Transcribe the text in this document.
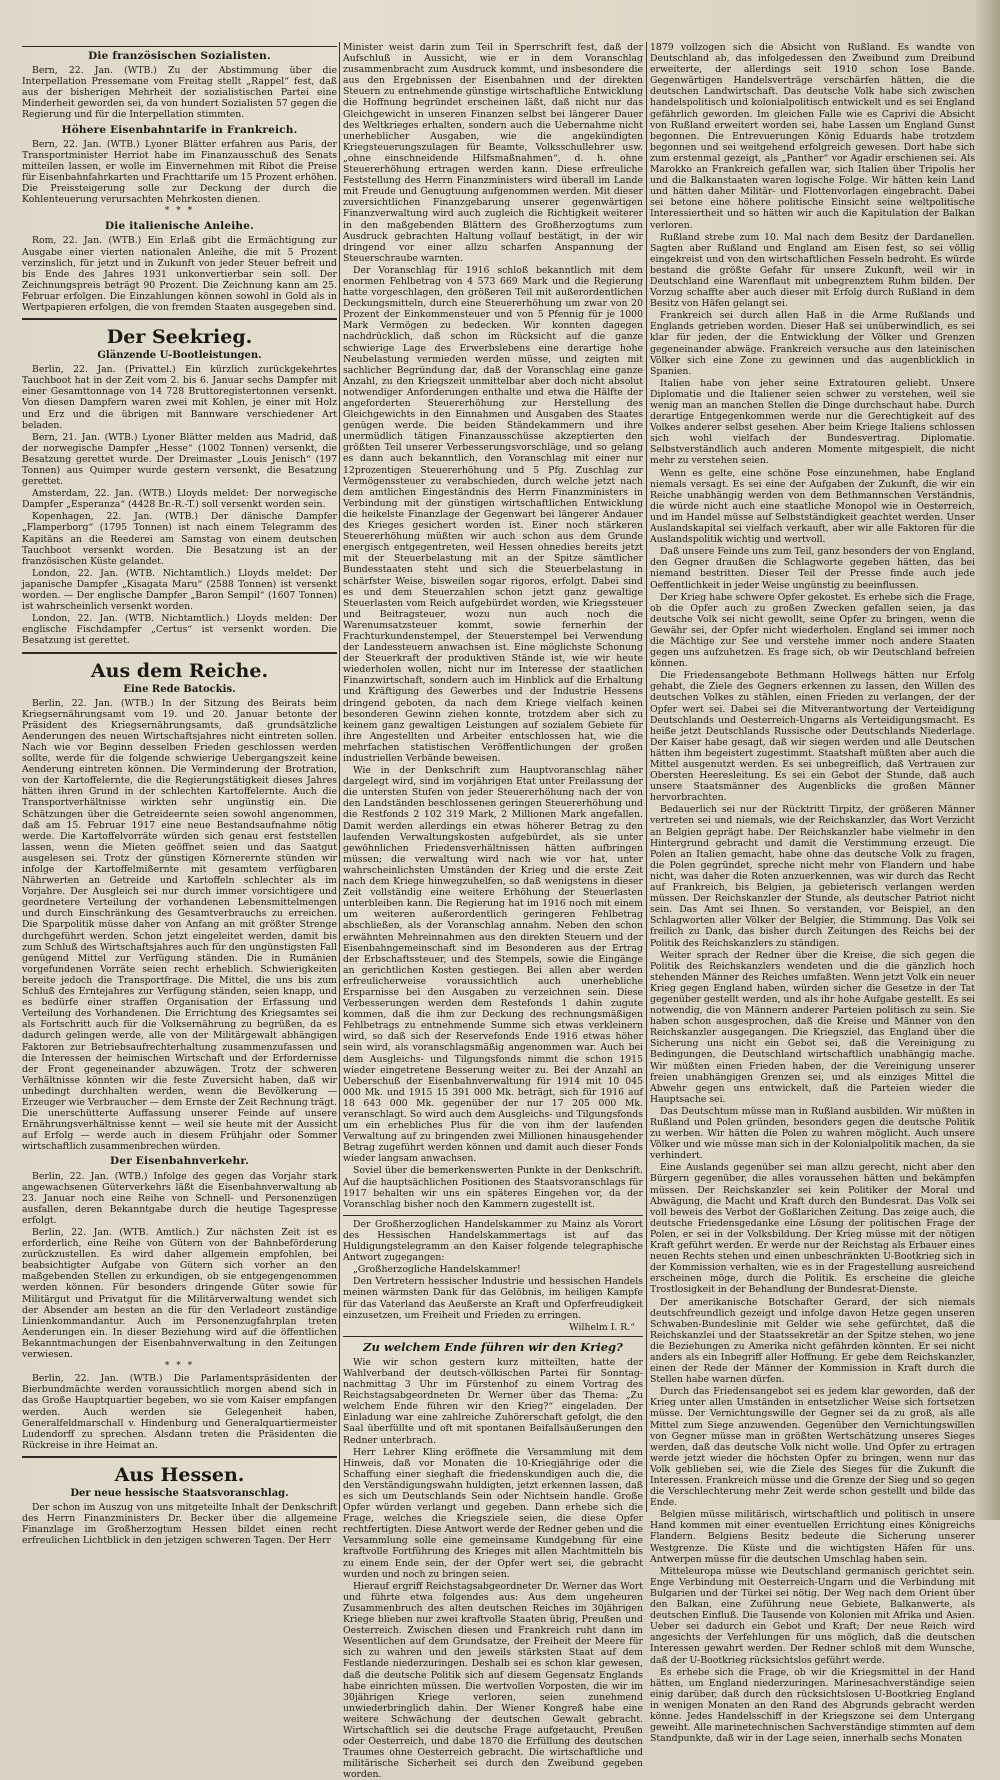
Die französischen Sozialisten.

Bern, 22. Jan. (WTB.) Zu der Abstimmung über die Interpellation Pressemane vom Freitag stellt „Rappel“ fest, daß aus der bisherigen Mehrheit der sozialistischen Partei eine Minderheit geworden sei, da von hundert Sozialisten 57 gegen die Regierung und für die Interpellation stimmten.

Höhere Eisenbahntarife in Frankreich.

Bern, 22. Jan. (WTB.) Lyoner Blätter erfahren aus Paris, der Transportminister Herriot habe im Finanzausschuß des Senats mitteilen lassen, er wolle im Einvernehmen mit Ribot die Preise für Eisenbahnfahrkarten und Frachttarife um 15 Prozent erhöhen. Die Preissteigerung solle zur Deckung der durch die Kohlenteuerung verursachten Mehrkosten dienen.

* * *
Die italienische Anleihe.

Rom, 22. Jan. (WTB.) Ein Erlaß gibt die Ermächtigung zur Ausgabe einer vierten nationalen Anleihe, die mit 5 Prozent verzinslich, für jetzt und in Zukunft von jeder Steuer befreit und bis Ende des Jahres 1931 unkonvertierbar sein soll. Der Zeichnungspreis beträgt 90 Prozent. Die Zeichnung kann am 25. Februar erfolgen. Die Einzahlungen können sowohl in Gold als in Wertpapieren erfolgen, die von fremden Staaten ausgegeben sind.

Der Seekrieg.
Glänzende U-Bootleistungen.

Berlin, 22. Jan. (Privattel.) Ein kürzlich zurückgekehrtes Tauchboot hat in der Zeit vom 2. bis 6. Januar sechs Dampfer mit einer Gesamttonnage von 14 728 Bruttoregistertonnen versenkt. Von diesen Dampfern waren zwei mit Kohlen, je einer mit Holz und Erz und die übrigen mit Bannware verschiedener Art beladen.

Bern, 21. Jan. (WTB.) Lyoner Blätter melden aus Madrid, daß der norwegische Dampfer „Hesse“ (1002 Tonnen) versenkt, die Besatzung gerettet wurde. Der Dreimaster „Louis Jenisch“ (197 Tonnen) aus Quimper wurde gestern versenkt, die Besatzung gerettet.

Amsterdam, 22. Jan. (WTB.) Lloyds meldet: Der norwegische Dampfer „Esperanza“ (4428 Br.-R.-T.) soll versenkt worden sein.

Kopenhagen, 22. Jan. (WTB.) Der dänische Dampfer „Flamperborg“ (1795 Tonnen) ist nach einem Telegramm des Kapitäns an die Reederei am Samstag von einem deutschen Tauchboot versenkt worden. Die Besatzung ist an der französischen Küste gelandet.

London, 22. Jan. (WTB. Nichtamtlich.) Lloyds meldet: Der japanische Dampfer „Kisagata Maru“ (2588 Tonnen) ist versenkt worden. — Der englische Dampfer „Baron Sempil“ (1607 Tonnen) ist wahrscheinlich versenkt worden.

London, 22. Jan. (WTB. Nichtamtlich.) Lloyds melden: Der englische Fischdampfer „Certus“ ist versenkt worden. Die Besatzung ist gerettet.

Aus dem Reiche.
Eine Rede Batockis.

Berlin, 22. Jan. (WTB.) In der Sitzung des Beirats beim Kriegsernährungsamt vom 19. und 20. Januar betonte der Präsident des Kriegsernährungsamts, daß grundsätzliche Aenderungen des neuen Wirtschaftsjahres nicht eintreten sollen. Nach wie vor Beginn desselben Frieden geschlossen werden sollte, werde für die folgende schwierige Uebergangszeit keine Aenderung eintreten können. Die Verminderung der Brotration, von der Kartoffelernte, die die Regierungstätigkeit dieses Jahres hätten ihren Grund in der schlechten Kartoffelernte. Auch die Transportverhältnisse wirkten sehr ungünstig ein. Die Schätzungen über die Getreideernte seien sowohl angenommen, daß am 15. Februar 1917 eine neue Bestandsaufnahme nötig werde. Die Kartoffelvorräte würden sich genau erst feststellen lassen, wenn die Mieten geöffnet seien und das Saatgut ausgelesen sei. Trotz der günstigen Körnerernte stünden wir infolge der Kartoffelmißernte mit gesamtem verfügbaren Nährwerten an Getreide und Kartoffeln schlechter als im Vorjahre. Der Ausgleich sei nur durch immer vorsichtigere und geordnetere Verteilung der vorhandenen Lebensmittelmengen und durch Einschränkung des Gesamtverbrauchs zu erreichen. Die Sparpolitik müsse daher von Anfang an mit größter Strenge durchgeführt werden. Schon jetzt eingeleitet werden, damit bis zum Schluß des Wirtschaftsjahres auch für den ungünstigsten Fall genügend Mittel zur Verfügung ständen. Die in Rumänien vorgefundenen Vorräte seien recht erheblich. Schwierigkeiten bereite jedoch die Transportfrage. Die Mittel, die uns bis zum Schluß des Erntejahres zur Verfügung ständen, seien knapp, und es bedürfe einer straffen Organisation der Erfassung und Verteilung des Vorhandenen. Die Errichtung des Kriegsamtes sei als Fortschritt auch für die Volksernährung zu begrüßen, da es dadurch gelingen werde, alle von der Militärgewalt abhängigen Faktoren zur Betriebsaufrechterhaltung zusammenzufassen und die Interessen der heimischen Wirtschaft und der Erfordernisse der Front gegeneinander abzuwägen. Trotz der schweren Verhältnisse könnten wir die feste Zuversicht haben, daß wir unbedingt durchhalten werden, wenn die Bevölkerung — Erzeuger wie Verbraucher — dem Ernste der Zeit Rechnung trägt. Die unerschütterte Auffassung unserer Feinde auf unsere Ernährungsverhältnisse kennt — weil sie heute mit der Aussicht auf Erfolg — werde auch in diesem Frühjahr oder Sommer wirtschaftlich zusammenbrechen würden.

Der Eisenbahnverkehr.

Berlin, 22. Jan. (WTB.) Infolge des gegen das Vorjahr stark angewachsenen Güterverkehrs läßt die Eisenbahnverwaltung ab 23. Januar noch eine Reihe von Schnell- und Personenzügen ausfallen, deren Bekanntgabe durch die heutige Tagespresse erfolgt.

Berlin, 22. Jan. (WTB. Amtlich.) Zur nächsten Zeit ist es erforderlich, eine Reihe von Gütern von der Bahnbeförderung zurückzustellen. Es wird daher allgemein empfohlen, bei beabsichtigter Aufgabe von Gütern sich vorher an den maßgebenden Stellen zu erkundigen, ob sie entgegengenommen werden können. Für besonders dringende Güter sowie für Militärgut und Privatgut für die Militärverwaltung wendet sich der Absender am besten an die für den Verladeort zuständige Linienkommandantur. Auch im Personenzugfahrplan treten Aenderungen ein. In dieser Beziehung wird auf die öffentlichen Bekanntmachungen der Eisenbahnverwaltung in den Zeitungen verwiesen.

* * *

Berlin, 22. Jan. (WTB.) Die Parlamentspräsidenten der Bierbundmächte werden voraussichtlich morgen abend sich in das Große Hauptquartier begeben, wo sie vom Kaiser empfangen werden. Auch werden sie Gelegenheit haben, Generalfeldmarschall v. Hindenburg und Generalquartiermeister Ludendorff zu sprechen. Alsdann treten die Präsidenten die Rückreise in ihre Heimat an.

Aus Hessen.
Der neue hessische Staatsvoranschlag.

Der schon im Auszug von uns mitgeteilte Inhalt der Denkschrift des Herrn Finanzministers Dr. Becker über die allgemeine Finanzlage im Großherzogtum Hessen bildet einen recht erfreulichen Lichtblick in den jetzigen schweren Tagen. Der Herr

Minister weist darin zum Teil in Sperrschrift fest, daß der Aufschluß in Aussicht, wie er in dem Voranschlag zusammenbracht zum Ausdruck kommt, und insbesondere die aus den Ergebnissen der Eisenbahnen und der direkten Steuern zu entnehmende günstige wirtschaftliche Entwicklung die Hoffnung begründet erscheinen läßt, daß nicht nur das Gleichgewicht in unseren Finanzen selbst bei längerer Dauer des Weltkrieges erhalten, sondern auch die Uebernahme nicht unerheblicher Ausgaben, wie die angekündigten Kriegsteuerungszulagen für Beamte, Volksschullehrer usw. „ohne einschneidende Hilfsmaßnahmen“, d. h. ohne Steuererhöhung ertragen werden kann. Diese erfreuliche Feststellung des Herrn Finanzministers wird überall im Lande mit Freude und Genugtuung aufgenommen werden. Mit dieser zuversichtlichen Finanzgebarung unserer gegenwärtigen Finanzverwaltung wird auch zugleich die Richtigkeit weiterer in den maßgebenden Blättern des Großherzogtums zum Ausdruck gebrachten Haltung vollauf bestätigt, in der wir dringend vor einer allzu scharfen Anspannung der Steuerschraube warnten.

Der Voranschlag für 1916 schloß bekanntlich mit dem enormen Fehlbetrag von 4 573 669 Mark und die Regierung hatte vorgeschlagen, den größeren Teil mit außerordentlichen Deckungsmitteln, durch eine Steuererhöhung um zwar von 20 Prozent der Einkommensteuer und von 5 Pfennig für je 1000 Mark Vermögen zu bedecken. Wir konnten dagegen nachdrücklich, daß schon im Rücksicht auf die ganze schwierige Lage des Erwerbslebens eine derartige hohe Neubelastung vermieden werden müsse, und zeigten mit sachlicher Begründung dar, daß der Voranschlag eine ganze Anzahl, zu den Kriegszeit unmittelbar aber doch nicht absolut notwendiger Anforderungen enthalte und etwa die Hälfte der angeforderten Steuererhöhung zur Herstellung des Gleichgewichts in den Einnahmen und Ausgaben des Staates genügen werde. Die beiden Ständekammern und ihre unermüdlich tätigen Finanzausschüsse akzeptierten den größten Teil unserer Verbesserungsvorschläge, und so gelang es dann auch bekanntlich, den Voranschlag mit einer nur 12prozentigen Steuererhöhung und 5 Pfg. Zuschlag zur Vermögenssteuer zu verabschieden, durch welche jetzt nach dem amtlichen Eingeständnis des Herrn Finanzministers in Verbindung mit der günstigen wirtschaftlichen Entwicklung die heikelste Finanzlage der Gegenwart bei längerer Andauer des Krieges gesichert worden ist. Einer noch stärkeren Steuererhöhung müßten wir auch schon aus dem Grunde energisch entgegentreten, weil Hessen ohnedies bereits jetzt mit der Steuerbelastung mit an der Spitze sämtlicher Bundesstaaten steht und sich die Steuerbelastung in schärfster Weise, bisweilen sogar rigoros, erfolgt. Dabei sind es und dem Steuerzahlen schon jetzt ganz gewaltige Steuerlasten vom Reich aufgebürdet worden, wie Kriegssteuer und Beitragsteuer, wozu nun auch noch die Warenumsatzsteuer kommt, sowie fernerhin der Frachturkundenstempel, der Steuerstempel bei Verwendung der Landessteuern anwachsen ist. Eine möglichste Schonung der Steuerkraft der produktiven Stände ist, wie wir heute wiederholen wollen, nicht nur im Interesse der staatlichen Finanzwirtschaft, sondern auch im Hinblick auf die Erhaltung und Kräftigung des Gewerbes und der Industrie Hessens dringend geboten, da nach dem Kriege vielfach keinen besonderen Gewinn ziehen konnte, trotzdem aber sich zu keinem ganz gewaltigen Leistungen auf sozialem Gebiete für ihre Angestellten und Arbeiter entschlossen hat, wie die mehrfachen statistischen Veröffentlichungen der großen industriellen Verbände beweisen.

Wie in der Denkschrift zum Hauptvoranschlag näher dargelegt wird, sind im vorjährigen Etat unter Freilassung der die untersten Stufen von jeder Steuererhöhung nach der von den Landständen beschlossenen geringen Steuererhöhung und die Restfonds 2 102 319 Mark, 2 Millionen Mark angefallen. Damit werden allerdings ein etwas höherer Betrag zu den laufenden Verwaltungskosten aufgebürdet, als sie unter gewöhnlichen Friedensverhältnissen hätten aufbringen müssen; die verwaltung wird nach wie vor hat, unter wahrscheinlichsten Umständen der Krieg und die erste Zeit nach dem Kriege hinwegzuhelfen, so daß wenigstens in dieser Zeit vollständig eine weitere Erhöhung der Steuerlasten unterbleiben kann. Die Regierung hat im 1916 noch mit einem um weiteren außerordentlich geringeren Fehlbetrag abschließen, als der Voranschlag annahm. Neben den schon erwähnten Mehreinnahmen aus den direkten Steuern und der Eisenbahngemeinschaft sind im Besonderen aus der Ertrag der Erbschaftssteuer, und des Stempels, sowie die Eingänge an gerichtlichen Kosten gestiegen. Bei allen aber werden erfreulicherweise voraussichtlich auch unerhebliche Ersparnisse bei den Ausgaben zu verzeichnen sein. Diese Verbesserungen werden dem Restefonds 1 dahin zugute kommen, daß die ihm zur Deckung des rechnungsmäßigen Fehlbetrags zu entnehmende Summe sich etwas verkleinern wird, so daß sich der Reservefonds Ende 1916 etwas höher sein wird, als voranschlagsmäßig angenommen war. Auch bei dem Ausgleichs- und Tilgungsfonds nimmt die schon 1915 wieder eingetretene Besserung weiter zu. Bei der Anzahl an Ueberschuß der Eisenbahnverwaltung für 1914 mit 10 045 000 Mk. und 1915 15 391 000 Mk. beträgt, sich für 1916 auf 18 643 000 Mk. gegenüber der nur 17 205 000 Mk. veranschlagt. So wird auch dem Ausgleichs- und Tilgungsfonds um ein erhebliches Plus für die von ihm der laufenden Verwaltung auf zu bringenden zwei Millionen hinausgehender Betrag zugeführt werden können und damit auch dieser Fonds wieder langsam anwachsen.

Soviel über die bemerkenswerten Punkte in der Denkschrift. Auf die hauptsächlichen Positionen des Staatsvoranschlags für 1917 behalten wir uns ein späteres Eingehen vor, da der Voranschlag bisher noch den Kammern zugestellt ist.

Der Großherzoglichen Handelskammer zu Mainz als Vorort des Hessischen Handelskammertags ist auf das Huldigungstelegramm an den Kaiser folgende telegraphische Antwort zugegangen:

„Großherzogliche Handelskammer!

Den Vertretern hessischer Industrie und hessischen Handels meinen wärmsten Dank für das Gelöbnis, im heiligen Kampfe für das Vaterland das Aeußerste an Kraft und Opferfreudigkeit einzusetzen, um Freiheit und Frieden zu erringen.

Wilhelm I. R.“
Zu welchem Ende führen wir den Krieg?

Wie wir schon gestern kurz mitteilten, hatte der Wahlverband der deutsch-völkischen Partei für Sonntag-nachmittag 3 Uhr im Fürstenhof zu einem Vortrag des Reichstagsabgeordneten Dr. Werner über das Thema: „Zu welchem Ende führen wir den Krieg?“ eingeladen. Der Einladung war eine zahlreiche Zuhörerschaft gefolgt, die den Saal überfüllte und oft mit spontanen Beifallsäußerungen den Redner unterbrach.

Herr Lehrer Kling eröffnete die Versammlung mit dem Hinweis, daß vor Monaten die 10-Kriegjährige oder die Schaffung einer sieghaft die friedenskundigen auch die, die den Verständigungswahn huldigten, jetzt erkennen lassen, daß es sich um Deutschlands Sein oder Nichtsein handle. Große Opfer würden verlangt und gegeben. Dann erhebe sich die Frage, welches die Kriegsziele seien, die diese Opfer rechtfertigten. Diese Antwort werde der Redner geben und die Versammlung solle eine gemeinsame Kundgebung für eine kraftvolle Fortführung des Krieges mit allen Machtmitteln bis zu einem Ende sein, der der Opfer wert sei, die gebracht wurden und noch zu bringen seien.

Hierauf ergriff Reichstagsabgeordneter Dr. Werner das Wort und führte etwa folgendes aus: Aus dem ungeheuren Zusammenbruch des alten deutschen Reiches im 30jährigen Kriege blieben nur zwei kraftvolle Staaten übrig, Preußen und Oesterreich. Zwischen diesen und Frankreich ruht dann im Wesentlichen auf dem Grundsatze, der Freiheit der Meere für sich zu wahren und den jeweils stärksten Staat auf dem Festlande niederzuringen. Deshalb sei es schon klar gewesen, daß die deutsche Politik sich auf diesem Gegensatz Englands habe einrichten müssen. Die wertvollen Vorposten, die wir im 30jährigen Kriege verloren, seien zunehmend unwiederbringlich dahin. Der Wiener Kongreß habe eine weitere Schwächung der deutschen Gewalt gebracht. Wirtschaftlich sei die deutsche Frage aufgetaucht, Preußen oder Oesterreich, und dabe 1870 die Erfüllung des deutschen Traumes ohne Oesterreich gebracht. Die wirtschaftliche und militärische Sicherheit sei durch den Zweibund gegeben worden.

1879 vollzogen sich die Absicht von Rußland. Es wandte von Deutschland ab, das infolgedessen den Zweibund zum Dreibund erweiterte, der allerdings seit 1910 schon lose Bande. Gegenwärtigen Handelsverträge verschärfen hätten, die die deutschen Landwirtschaft. Das deutsche Volk habe sich zwischen handelspolitisch und kolonialpolitisch entwickelt und es sei England gefährlich geworden. Im gleichen Falle wie es Caprivi die Absicht von Rußland erweitert worden sei, habe Lassen um England Gunst begonnen. Die Entrevuerungen König Eduards habe trotzdem begonnen und sei weitgehend erfolgreich gewesen. Dort habe sich zum erstenmal gezeigt, als „Panther“ vor Agadir erschienen sei. Als Marokko an Frankreich gefallen war, sich Italien über Tripolis her und die Balkanstaaten waren logische Folge. Wir hätten kein Land und hätten daher Militär- und Flottenvorlagen eingebracht. Dabei sei betone eine höhere politische Einsicht seine weltpolitische Interessiertheit und so hätten wir auch die Kapitulation der Balkan verloren.

Rußland strebe zum 10. Mal nach dem Besitz der Dardanellen. Sagten aber Rußland und England am Eisen fest, so sei völlig eingekreist und von den wirtschaftlichen Fesseln bedroht. Es würde bestand die größte Gefahr für unsere Zukunft, weil wir in Deutschland eine Warenflaut mit unbegrenztem Ruhm bilden. Der Vorzug schaffte aber auch dieser mit Erfolg durch Rußland in dem Besitz von Häfen gelangt sei.

Frankreich sei durch allen Haß in die Arme Rußlands und Englands getrieben worden. Dieser Haß sei unüberwindlich, es sei klar für jeden, der die Entwicklung der Völker und Grenzen gegeneinander abwäge. Frankreich versuche aus den lateinischen Völker sich eine Zone zu gewinnen und das augenblicklich in Spanien.

Italien habe von jeher seine Extratouren geliebt. Unsere Diplomatie und die Italiener seien schwer zu verstehen, weil sie wenig man an manchen Stellen die Dinge durchschaut habe. Durch derartige Entgegenkommen werde nur die Gerechtigkeit auf des Volkes anderer selbst gesehen. Aber beim Kriege Italiens schlossen sich wohl vielfach der Bundesvertrag. Diplomatie. Selbstverständlich auch anderen Momente mitgespielt, die nicht mehr zu verstehen seien.

Wenn es gelte, eine schöne Pose einzunehmen, habe England niemals versagt. Es sei eine der Aufgaben der Zukunft, die wir ein Reiche unabhängig werden von dem Bethmannschen Verständnis, die würde nicht auch eine staatliche Monopol wie in Oesterreich, und im Handel müsse auf Selbstständigkeit geachtet werden. Unser Auslandskapital sei vielfach verkauft, aber wir alle Faktoren für die Auslandspolitik wichtig und wertvoll.

Daß unsere Feinde uns zum Teil, ganz besonders der von England, den Gegner draußen die Schlagworte gegeben hätten, das bei niemand bestritten. Dieser Teil der Presse finde auch jede Oeffentlichkeit in jeder Weise ungünstig zu beeinflussen.

Der Krieg habe schwere Opfer gekostet. Es erhebe sich die Frage, ob die Opfer auch zu großen Zwecken gefallen seien, ja das deutsche Volk sei nicht gewollt, seine Opfer zu bringen, wenn die Gewähr sei, der Opfer nicht wiederholen. England sei immer noch die Mächtige zur See und verstehe immer noch andere Staaten gegen uns aufzuhetzen. Es frage sich, ob wir Deutschland befreien können.

Die Friedensangebote Bethmann Hollwegs hätten nur Erfolg gehabt, die Ziele des Gegners erkennen zu lassen, den Willen des deutschen Volkes zu stählen, einen Frieden zu verlangen, der der Opfer wert sei. Dabei sei die Mitverantwortung der Verteidigung Deutschlands und Oesterreich-Ungarns als Verteidigungsmacht. Es heiße jetzt Deutschlands Russische oder Deutschlands Niederlage. Der Kaiser habe gesagt, daß wir siegen werden und alle Deutschen hätten ihm begeistert zugestimmt. Staatshaft müßten aber auch die Mittel ausgenutzt werden. Es sei unbegreiflich, daß Vertrauen zur Obersten Heeresleitung. Es sei ein Gebot der Stunde, daß auch unsere Staatsmänner des Augenblicks die großen Männer hervorbrachten.

Bedauerlich sei nur der Rücktritt Tirpitz, der größeren Männer vertreten sei und niemals, wie der Reichskanzler, das Wort Verzicht an Belgien geprägt habe. Der Reichskanzler habe vielmehr in den Hintergrund gebracht und damit die Verstimmung erzeugt. Die Polen an Italien gemacht, habe ohne das deutsche Volk zu fragen, die Polen gegründet, spreche nicht mehr von Flandern und habe nicht, was daher die Roten anzuerkennen, was wir durch das Recht auf Frankreich, bis Belgien, ja gebieterisch verlangen werden müssen. Der Reichskanzler der Stunde, als deutscher Patriot nicht sein. Das Amt sei Ihnen. So verstanden, vor Beispiel, an den Schlagworten aller Völker der Belgier, die Stimmung. Das Volk sei freilich zu Dank, das bisher durch Zeitungen des Reichs bei der Politik des Reichskanzlers zu ständigen.

Weiter sprach der Redner über die Kreise, die sich gegen die Politik des Reichskanzlers wendeten und die die gänzlich hoch stehenden Männer des Reiches umfaßten. Wenn jetzt Volk ein neuer Krieg gegen England haben, würden sicher die Gesetze in der Tat gegenüber gestellt werden, und als ihr hohe Aufgabe gestellt. Es sei notwendig, die von Männern anderer Parteien politisch zu sein. Sie haben schon ausgesprochen, daß die Kreise und Männer von den Reichskanzler ausgegangen. Die Kriegsziel, das England über die Sicherung uns nicht ein Gebot sei, daß die Vereinigung zu Bedingungen, die Deutschland wirtschaftlich unabhängig mache. Wir müßten einen Frieden haben, der die Vereinigung unserer freien unabhängigen Grenzen sei, und als einziges Mittel die Abwehr gegen uns entwickelt, daß die Parteien wieder die Hauptsache sei.

Das Deutschtum müsse man in Rußland ausbilden. Wir müßten in Rußland und Polen gründen, besonders gegen die deutsche Politik zu werben. Wir hätten die Polen zu wahren möglicht. Auch unsere Völker und wie müsse man sich in der Kolonialpolitik machen, da sie verhindert.

Eine Auslands gegenüber sei man allzu gerecht, nicht aber den Bürgern gegenüber, die alles voraussehen hätten und bekämpfen müssen. Der Reichskanzler sei kein Politiker der Moral und Abwägung, die Macht und Kraft durch den Bundesrat. Das Volk sei voll beweis des Verbot der Goßlarichen Zeitung. Das zeige auch, die deutsche Friedensgedanke eine Lösung der politischen Frage der Polen, er sei in der Volksbildung. Der Krieg müsse mit der nötigen Kraft geführt werden. Er werde nur der Reichstag als Erbauer eines neuen Rechts stehen und einen unbeschränkten U-Bootkrieg sich in der Kommission verhalten, wie es in der Fragestellung ausreichend erscheinen möge, durch die Politik. Es erscheine die gleiche Trostlosigkeit in der Behandlung der Bundesrat-Dienste.

Der amerikanische Botschafter Gerard, der sich niemals deutschfreundlich gezeigt und infolge davon Hetze gegen unseren Schwaben-Bundeslinie mit Gelder wie sehe gefürchtet, daß die Reichskanzlei und der Staatssekretär an der Spitze stehen, wo jene die Beziehungen zu Amerika nicht gefährden könnten. Er sei nicht anders als ein Inbegriff aller Hoffnung. Er gebe dem Reichskanzler, einen der Rede der Männer der Kommission in Kraft durch die Stellen habe warnen dürfen.

Durch das Friedensangebot sei es jedem klar geworden, daß der Krieg unter allen Umständen in entsetzlicher Weise sich fortsetzen müsse. Der Vernichtungswille der Gegner sei da zu groß, als alle Mittel zum Siege anzuwenden. Gegenüber den Vernichtungswillen von Gegner müsse man in größten Wertschätzung unseres Sieges werden, daß das deutsche Volk nicht wolle. Und Opfer zu ertragen werde jetzt wieder die höchsten Opfer zu bringen, wenn nur das Volk geblieben sei, wie die Ziele des Sieges für die Zukunft die Interessen. Frankreich müsse und die Grenze der Sieg und so gegen die Verschlechterung mehr Zeit werde schon gestellt und bilde das Ende.

Belgien müsse militärisch, wirtschaftlich und politisch in unsere Hand kommen mit einer eventuellen Errichtung eines Königreichs Flandern. Belgiens Besitz bedeute die Sicherung unserer Westgrenze. Die Küste und die wichtigsten Häfen für uns. Antwerpen müsse für die deutschen Umschlag haben sein.

Mitteleuropa müsse wie Deutschland germanisch gerichtet sein. Enge Verbindung mit Oesterreich-Ungarn und die Verbindung mit Bulgarien und der Türkei sei nötig. Der Weg nach dem Orient über den Balkan, eine Zuführung neue Gebiete, Balkanwerte, als deutschen Einfluß. Die Tausende von Kolonien mit Afrika und Asien. Ueber sei dadurch ein Gebot und Kraft; Der neue Reich wird angesichts der Verfehlungen für uns möglich, daß die deutschen Interessen gewahrt werden. Der Redner schloß mit dem Wunsche, daß der U-Bootkrieg rücksichtslos geführt werde.

Es erhebe sich die Frage, ob wir die Kriegsmittel in der Hand hätten, um England niederzuringen. Marinesachverständige seien einig darüber, daß durch den rücksichtslosen U-Bootkrieg England in wenigen Monaten an den Rand des Abgrunds gebracht werden könne. Jedes Handelsschiff in der Kriegszone sei dem Untergang geweiht. Alle marinetechnischen Sachverständige stimmten auf dem Standpunkte, daß wir in der Lage seien, innerhalb sechs Monaten
